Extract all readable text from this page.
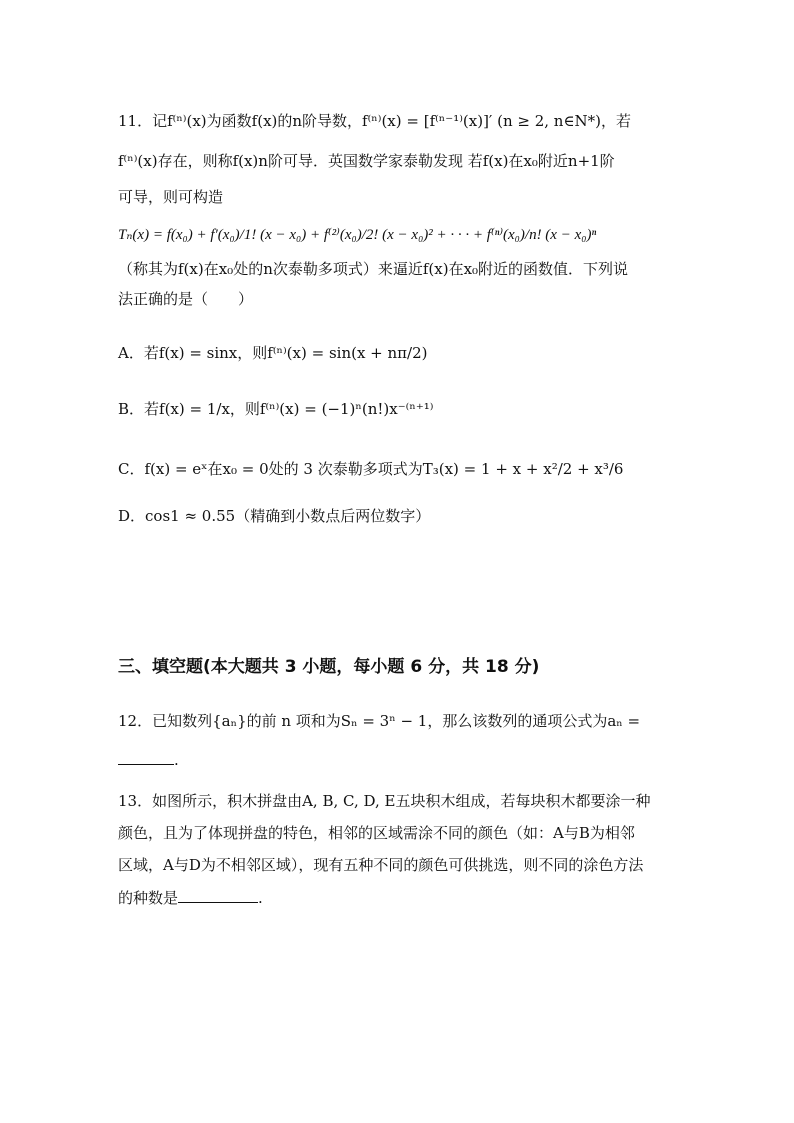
11．记f⁽ⁿ⁾(x)为函数f(x)的n阶导数，f⁽ⁿ⁾(x) = [f⁽ⁿ⁻¹⁾(x)]′ (n ≥ 2, n∈N*)，若
f⁽ⁿ⁾(x)存在，则称f(x)n阶可导．英国数学家泰勒发现 若f(x)在x₀附近n+1阶
可导，则可构造
Tₙ(x) = f(x₀) + f′(x₀)/1! (x − x₀) + f⁽²⁾(x₀)/2! (x − x₀)² + · · · + f⁽ⁿ⁾(x₀)/n! (x − x₀)ⁿ
（称其为f(x)在x₀处的n次泰勒多项式）来逼近f(x)在x₀附近的函数值．下列说
法正确的是（　　）
A．若f(x) = sinx，则f⁽ⁿ⁾(x) = sin(x + nπ/2)
B．若f(x) = 1/x，则f⁽ⁿ⁾(x) = (−1)ⁿ(n!)x⁻⁽ⁿ⁺¹⁾
C．f(x) = eˣ在x₀ = 0处的 3 次泰勒多项式为T₃(x) = 1 + x + x²/2 + x³/6
D．cos1 ≈ 0.55（精确到小数点后两位数字）
三、填空题(本大题共 3 小题，每小题 6 分，共 18 分)
12．已知数列{aₙ}的前 n 项和为Sₙ = 3ⁿ − 1，那么该数列的通项公式为aₙ =
.
13．如图所示，积木拼盘由A, B, C, D, E五块积木组成，若每块积木都要涂一种
颜色，且为了体现拼盘的特色，相邻的区域需涂不同的颜色（如：A与B为相邻
区域，A与D为不相邻区域），现有五种不同的颜色可供挑选，则不同的涂色方法
的种数是	.
